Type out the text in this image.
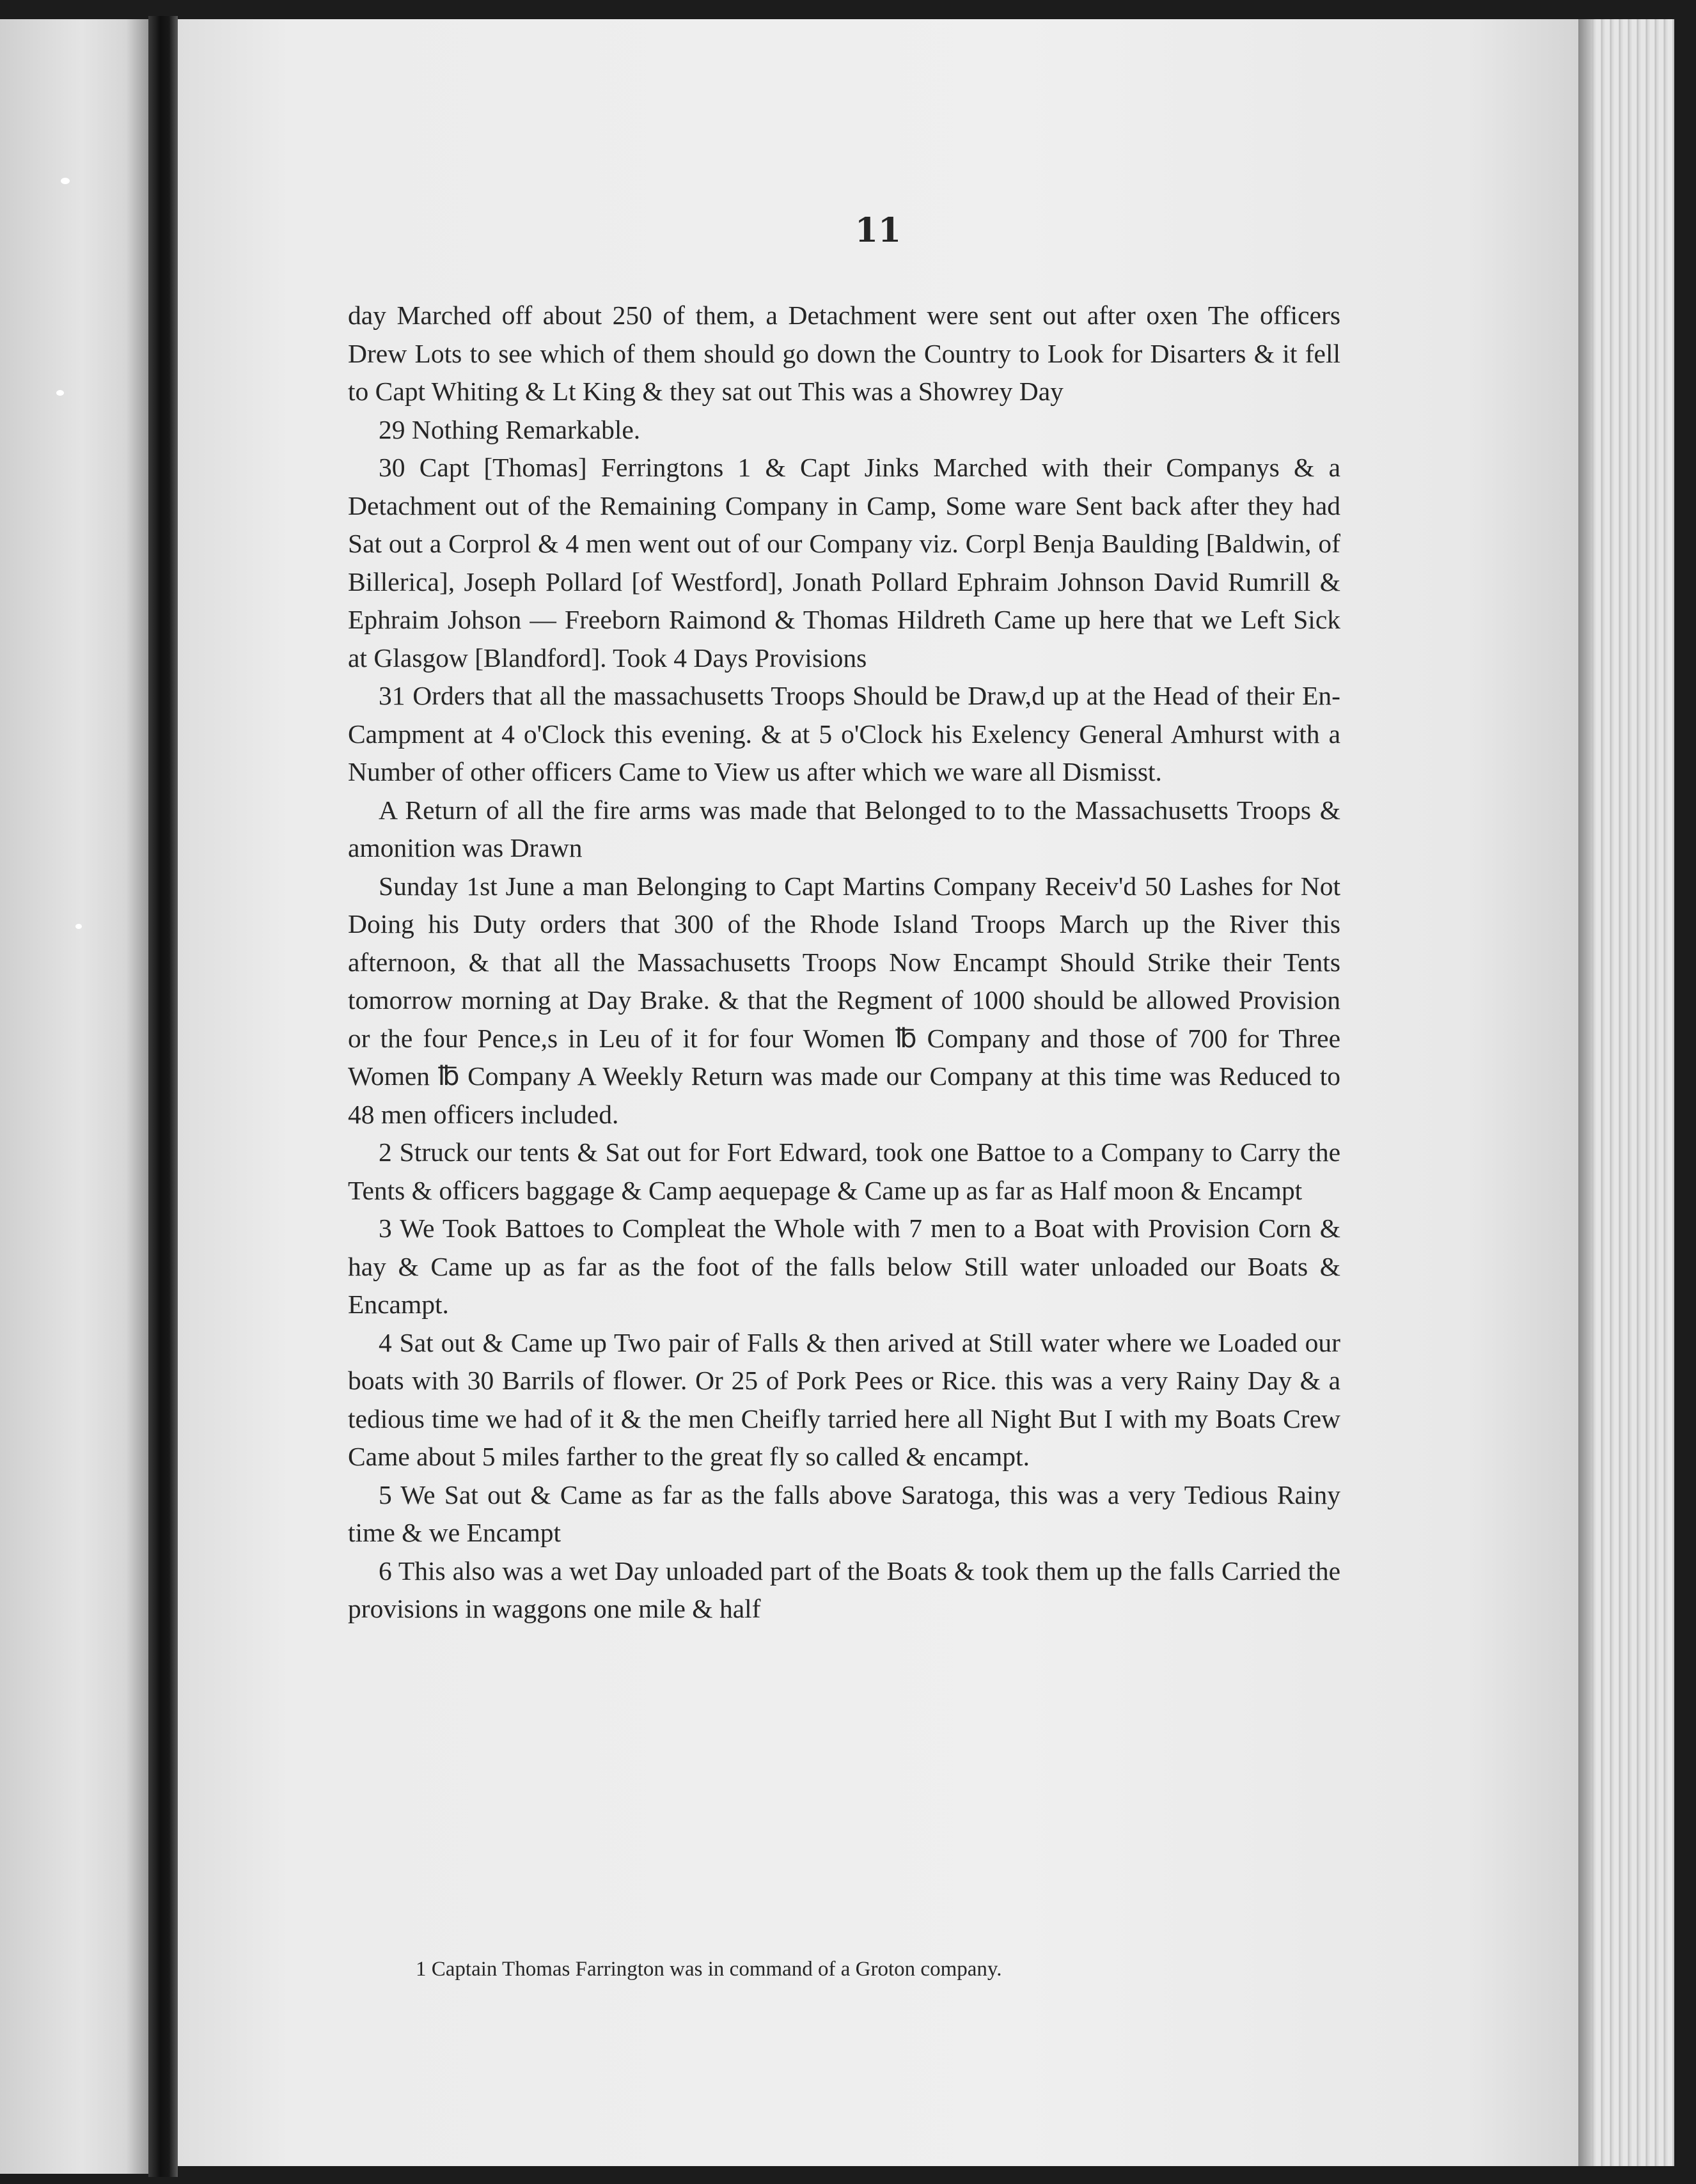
11

day Marched off about 250 of them, a Detachment were sent out after oxen The officers Drew Lots to see which of them should go down the Country to Look for Disarters & it fell to Capt Whiting & Lt King & they sat out This was a Showrey Day

29 Nothing Remarkable.

30 Capt [Thomas] Ferringtons 1 & Capt Jinks Marched with their Companys & a Detachment out of the Remaining Company in Camp, Some ware Sent back after they had Sat out a Corprol & 4 men went out of our Company viz. Corpl Benja Baulding [Baldwin, of Billerica], Joseph Pollard [of Westford], Jonath Pollard Ephraim Johnson David Rumrill & Ephraim Johson — Freeborn Raimond & Thomas Hildreth Came up here that we Left Sick at Glasgow [Blandford]. Took 4 Days Provisions

31 Orders that all the massachusetts Troops Should be Draw,d up at the Head of their En-Campment at 4 o'Clock this evening. & at 5 o'Clock his Exelency General Amhurst with a Number of other officers Came to View us after which we ware all Dismisst.

A Return of all the fire arms was made that Belonged to to the Massachusetts Troops & amonition was Drawn

Sunday 1st June a man Belonging to Capt Martins Company Receiv'd 50 Lashes for Not Doing his Duty orders that 300 of the Rhode Island Troops March up the River this afternoon, & that all the Massachusetts Troops Now Encampt Should Strike their Tents tomorrow morning at Day Brake. & that the Regment of 1000 should be allowed Provision or the four Pence,s in Leu of it for four Women ℔ Company and those of 700 for Three Women ℔ Company A Weekly Return was made our Company at this time was Reduced to 48 men officers included.

2 Struck our tents & Sat out for Fort Edward, took one Battoe to a Company to Carry the Tents & officers baggage & Camp aequepage & Came up as far as Half moon & Encampt

3 We Took Battoes to Compleat the Whole with 7 men to a Boat with Provision Corn & hay & Came up as far as the foot of the falls below Still water unloaded our Boats & Encampt.

4 Sat out & Came up Two pair of Falls & then arived at Still water where we Loaded our boats with 30 Barrils of flower. Or 25 of Pork Pees or Rice. this was a very Rainy Day & a tedious time we had of it & the men Cheifly tarried here all Night But I with my Boats Crew Came about 5 miles farther to the great fly so called & encampt.

5 We Sat out & Came as far as the falls above Saratoga, this was a very Tedious Rainy time & we Encampt

6 This also was a wet Day unloaded part of the Boats & took them up the falls Carried the provisions in waggons one mile & half

1 Captain Thomas Farrington was in command of a Groton company.
